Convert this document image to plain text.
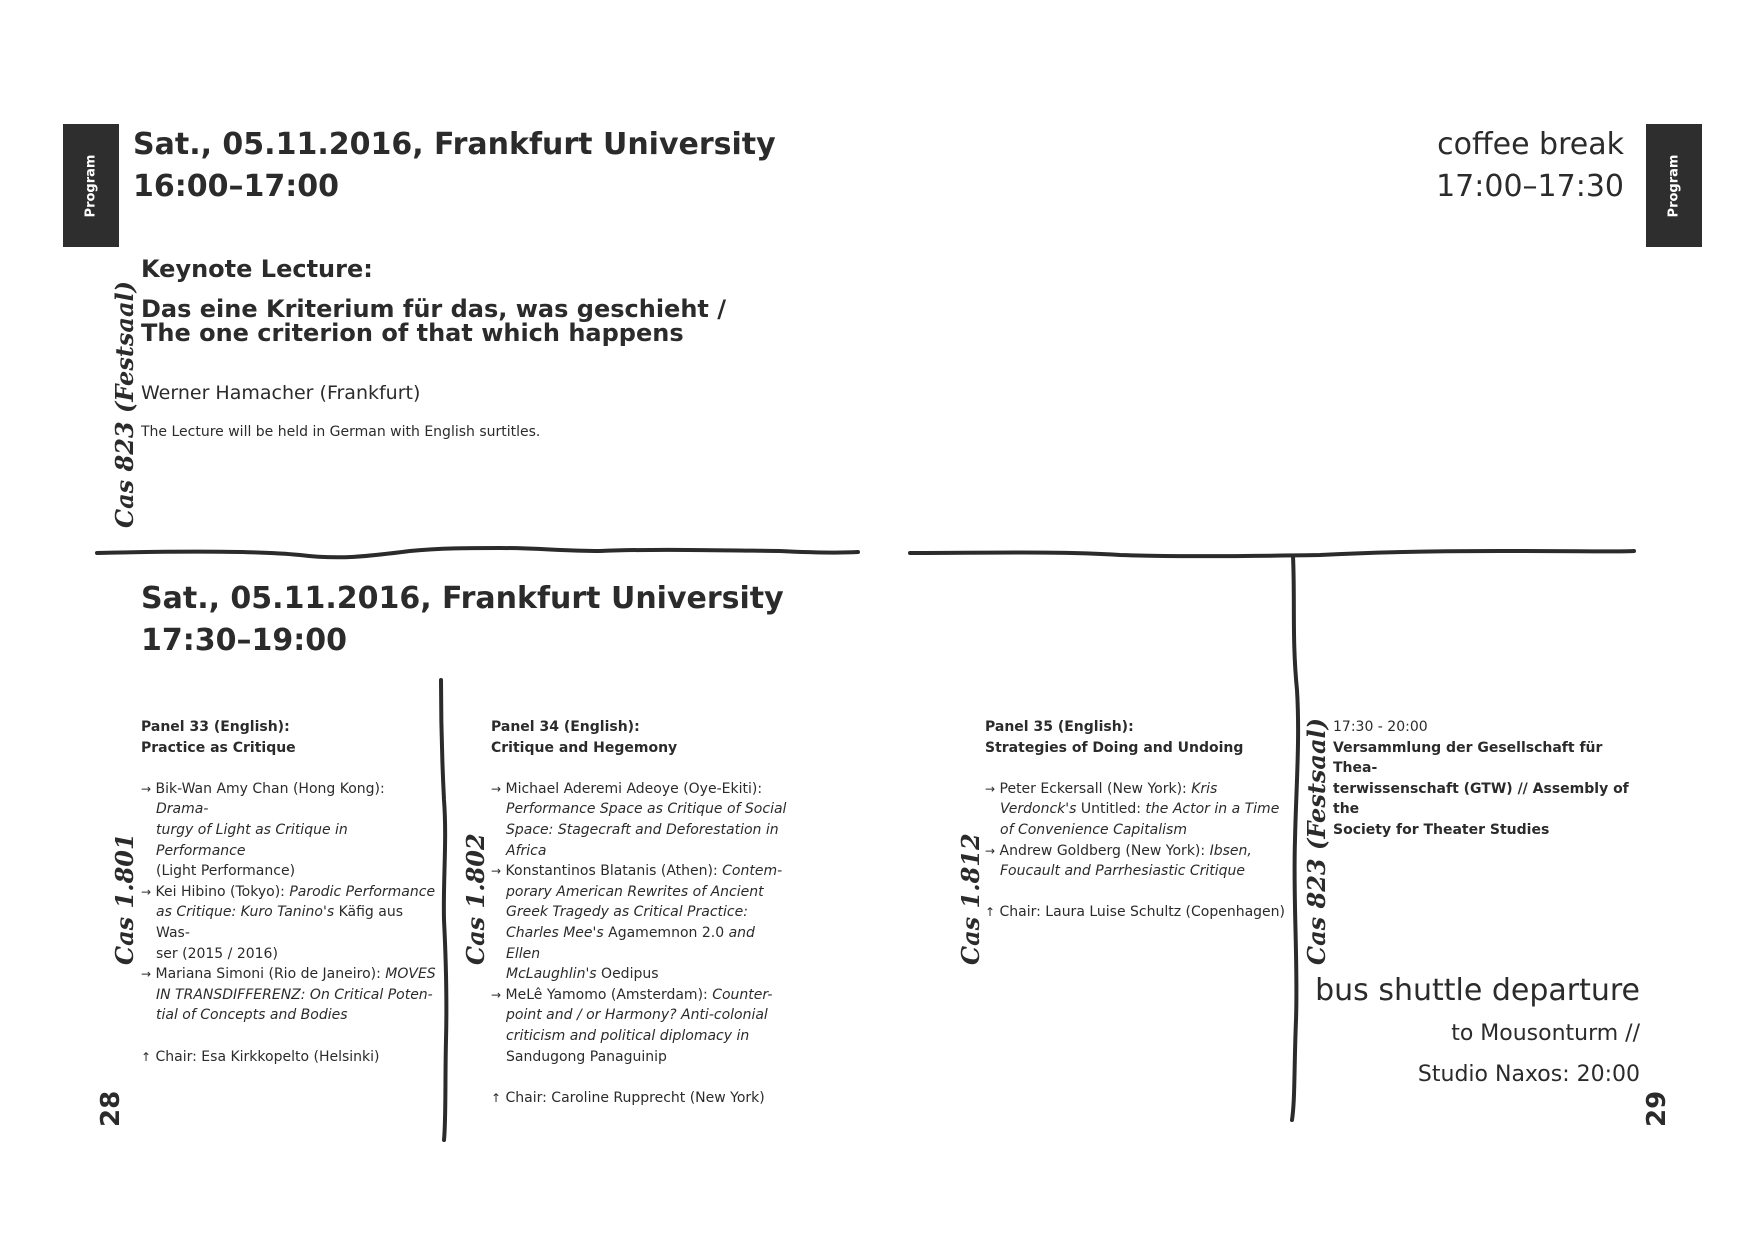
Program	Program
Sat., 05.11.2016, Frankfurt University
16:00–17:00
Keynote Lecture:
Das eine Kriterium für das, was geschieht /
The one criterion of that which happens
Werner Hamacher (Frankfurt)
The Lecture will be held in German with English surtitles.
Cas 823 (Festsaal)
coffee break
17:00–17:30
Sat., 05.11.2016, Frankfurt University
17:30–19:00
Panel 33 (English):
Practice as Critique
→ Bik-Wan Amy Chan (Hong Kong): Drama-
turgy of Light as Critique in Performance
(Light Performance)
→ Kei Hibino (Tokyo): Parodic Performance
as Critique: Kuro Tanino's Käfig aus Was-
ser (2015 / 2016)
→ Mariana Simoni (Rio de Janeiro): MOVES
IN TRANSDIFFERENZ: On Critical Poten-
tial of Concepts and Bodies
↑ Chair: Esa Kirkkopelto (Helsinki)
Cas 1.801
Panel 34 (English):
Critique and Hegemony
→ Michael Aderemi Adeoye (Oye-Ekiti):
Performance Space as Critique of Social
Space: Stagecraft and Deforestation in
Africa
→ Konstantinos Blatanis (Athen): Contem-
porary American Rewrites of Ancient
Greek Tragedy as Critical Practice:
Charles Mee's Agamemnon 2.0 and Ellen
McLaughlin's Oedipus
→ MeLê Yamomo (Amsterdam): Counter-
point and / or Harmony? Anti-colonial
criticism and political diplomacy in
Sandugong Panaguinip
↑ Chair: Caroline Rupprecht (New York)
Cas 1.802
Panel 35 (English):
Strategies of Doing and Undoing
→ Peter Eckersall (New York): Kris
Verdonck's Untitled: the Actor in a Time
of Convenience Capitalism
→ Andrew Goldberg (New York): Ibsen,
Foucault and Parrhesiastic Critique
↑ Chair: Laura Luise Schultz (Copenhagen)
Cas 1.812
17:30 - 20:00
Versammlung der Gesellschaft für Thea-
terwissenschaft (GTW) // Assembly of the
Society for Theater Studies
Cas 823 (Festsaal)
bus shuttle departure
to Mousonturm //
Studio Naxos: 20:00
28	29
